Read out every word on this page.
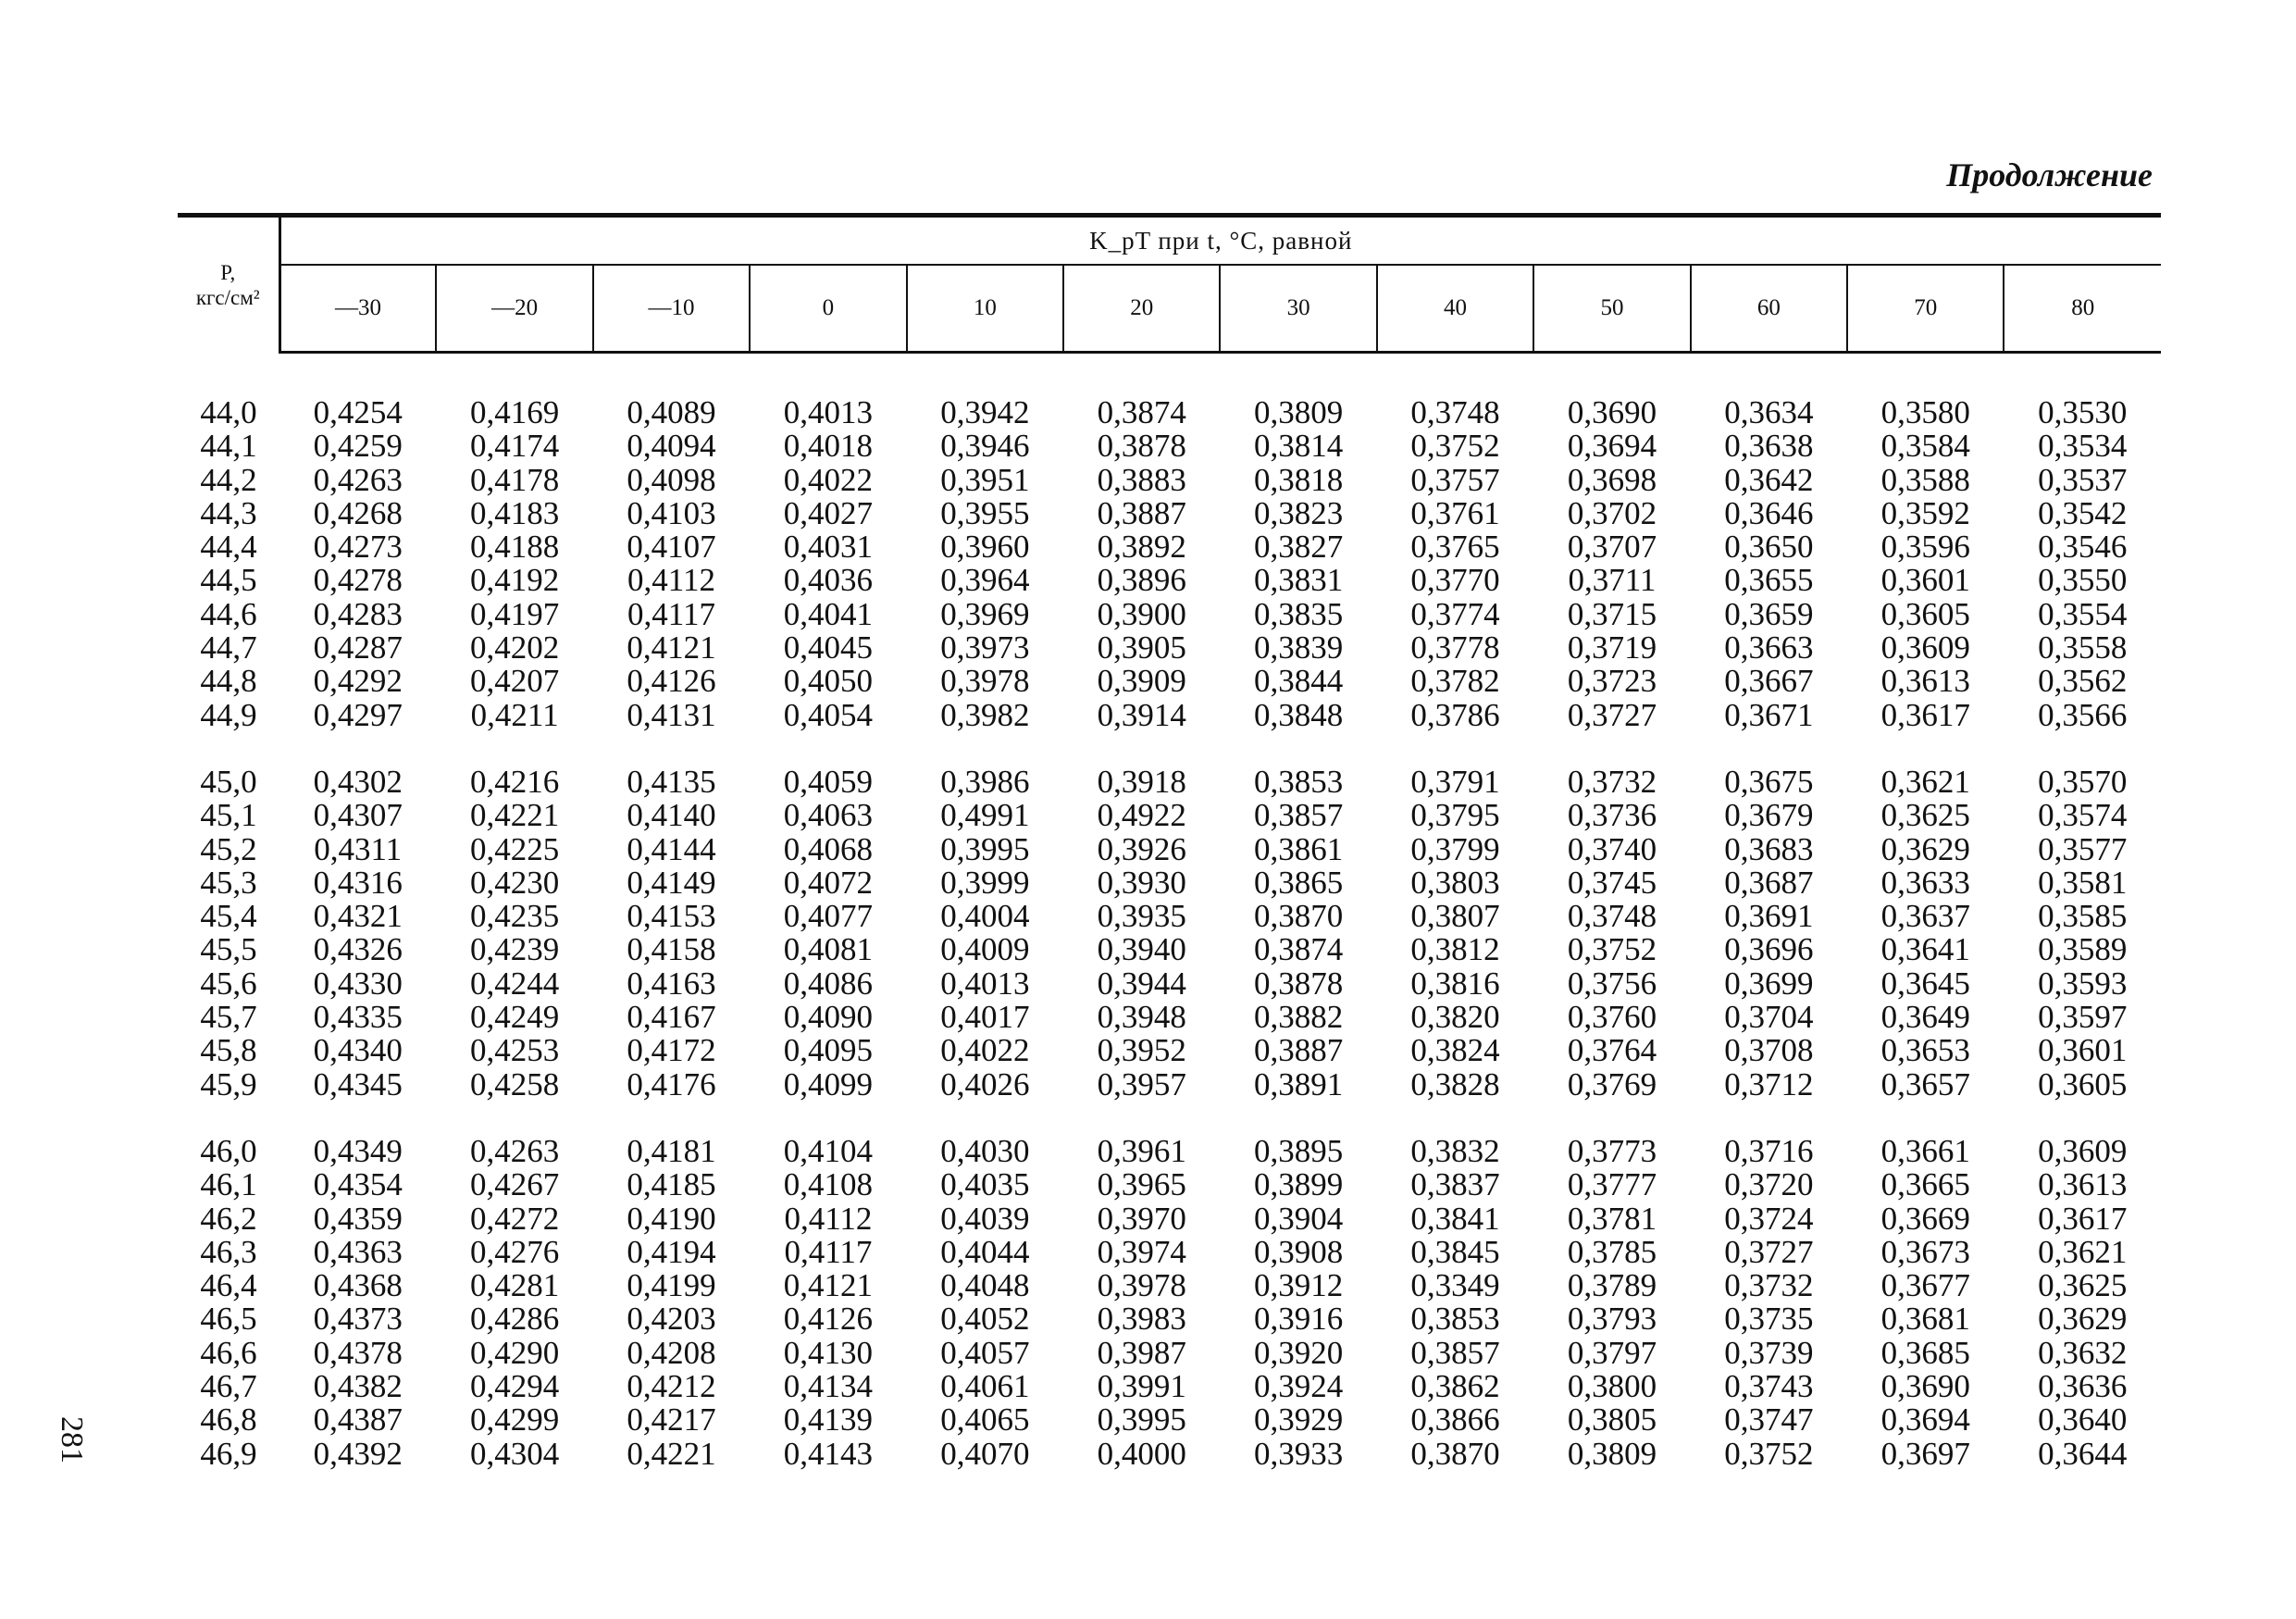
Продолжение
281

P,
кгс/см²	K_pT при t, °C, равной											
	—30	—20	—10	0	10	20	30	40	50	60	70	80

44,0	0,4254	0,4169	0,4089	0,4013	0,3942	0,3874	0,3809	0,3748	0,3690	0,3634	0,3580	0,3530
44,1	0,4259	0,4174	0,4094	0,4018	0,3946	0,3878	0,3814	0,3752	0,3694	0,3638	0,3584	0,3534
44,2	0,4263	0,4178	0,4098	0,4022	0,3951	0,3883	0,3818	0,3757	0,3698	0,3642	0,3588	0,3537
44,3	0,4268	0,4183	0,4103	0,4027	0,3955	0,3887	0,3823	0,3761	0,3702	0,3646	0,3592	0,3542
44,4	0,4273	0,4188	0,4107	0,4031	0,3960	0,3892	0,3827	0,3765	0,3707	0,3650	0,3596	0,3546
44,5	0,4278	0,4192	0,4112	0,4036	0,3964	0,3896	0,3831	0,3770	0,3711	0,3655	0,3601	0,3550
44,6	0,4283	0,4197	0,4117	0,4041	0,3969	0,3900	0,3835	0,3774	0,3715	0,3659	0,3605	0,3554
44,7	0,4287	0,4202	0,4121	0,4045	0,3973	0,3905	0,3839	0,3778	0,3719	0,3663	0,3609	0,3558
44,8	0,4292	0,4207	0,4126	0,4050	0,3978	0,3909	0,3844	0,3782	0,3723	0,3667	0,3613	0,3562
44,9	0,4297	0,4211	0,4131	0,4054	0,3982	0,3914	0,3848	0,3786	0,3727	0,3671	0,3617	0,3566

45,0	0,4302	0,4216	0,4135	0,4059	0,3986	0,3918	0,3853	0,3791	0,3732	0,3675	0,3621	0,3570
45,1	0,4307	0,4221	0,4140	0,4063	0,4991	0,4922	0,3857	0,3795	0,3736	0,3679	0,3625	0,3574
45,2	0,4311	0,4225	0,4144	0,4068	0,3995	0,3926	0,3861	0,3799	0,3740	0,3683	0,3629	0,3577
45,3	0,4316	0,4230	0,4149	0,4072	0,3999	0,3930	0,3865	0,3803	0,3745	0,3687	0,3633	0,3581
45,4	0,4321	0,4235	0,4153	0,4077	0,4004	0,3935	0,3870	0,3807	0,3748	0,3691	0,3637	0,3585
45,5	0,4326	0,4239	0,4158	0,4081	0,4009	0,3940	0,3874	0,3812	0,3752	0,3696	0,3641	0,3589
45,6	0,4330	0,4244	0,4163	0,4086	0,4013	0,3944	0,3878	0,3816	0,3756	0,3699	0,3645	0,3593
45,7	0,4335	0,4249	0,4167	0,4090	0,4017	0,3948	0,3882	0,3820	0,3760	0,3704	0,3649	0,3597
45,8	0,4340	0,4253	0,4172	0,4095	0,4022	0,3952	0,3887	0,3824	0,3764	0,3708	0,3653	0,3601
45,9	0,4345	0,4258	0,4176	0,4099	0,4026	0,3957	0,3891	0,3828	0,3769	0,3712	0,3657	0,3605

46,0	0,4349	0,4263	0,4181	0,4104	0,4030	0,3961	0,3895	0,3832	0,3773	0,3716	0,3661	0,3609
46,1	0,4354	0,4267	0,4185	0,4108	0,4035	0,3965	0,3899	0,3837	0,3777	0,3720	0,3665	0,3613
46,2	0,4359	0,4272	0,4190	0,4112	0,4039	0,3970	0,3904	0,3841	0,3781	0,3724	0,3669	0,3617
46,3	0,4363	0,4276	0,4194	0,4117	0,4044	0,3974	0,3908	0,3845	0,3785	0,3727	0,3673	0,3621
46,4	0,4368	0,4281	0,4199	0,4121	0,4048	0,3978	0,3912	0,3349	0,3789	0,3732	0,3677	0,3625
46,5	0,4373	0,4286	0,4203	0,4126	0,4052	0,3983	0,3916	0,3853	0,3793	0,3735	0,3681	0,3629
46,6	0,4378	0,4290	0,4208	0,4130	0,4057	0,3987	0,3920	0,3857	0,3797	0,3739	0,3685	0,3632
46,7	0,4382	0,4294	0,4212	0,4134	0,4061	0,3991	0,3924	0,3862	0,3800	0,3743	0,3690	0,3636
46,8	0,4387	0,4299	0,4217	0,4139	0,4065	0,3995	0,3929	0,3866	0,3805	0,3747	0,3694	0,3640
46,9	0,4392	0,4304	0,4221	0,4143	0,4070	0,4000	0,3933	0,3870	0,3809	0,3752	0,3697	0,3644
